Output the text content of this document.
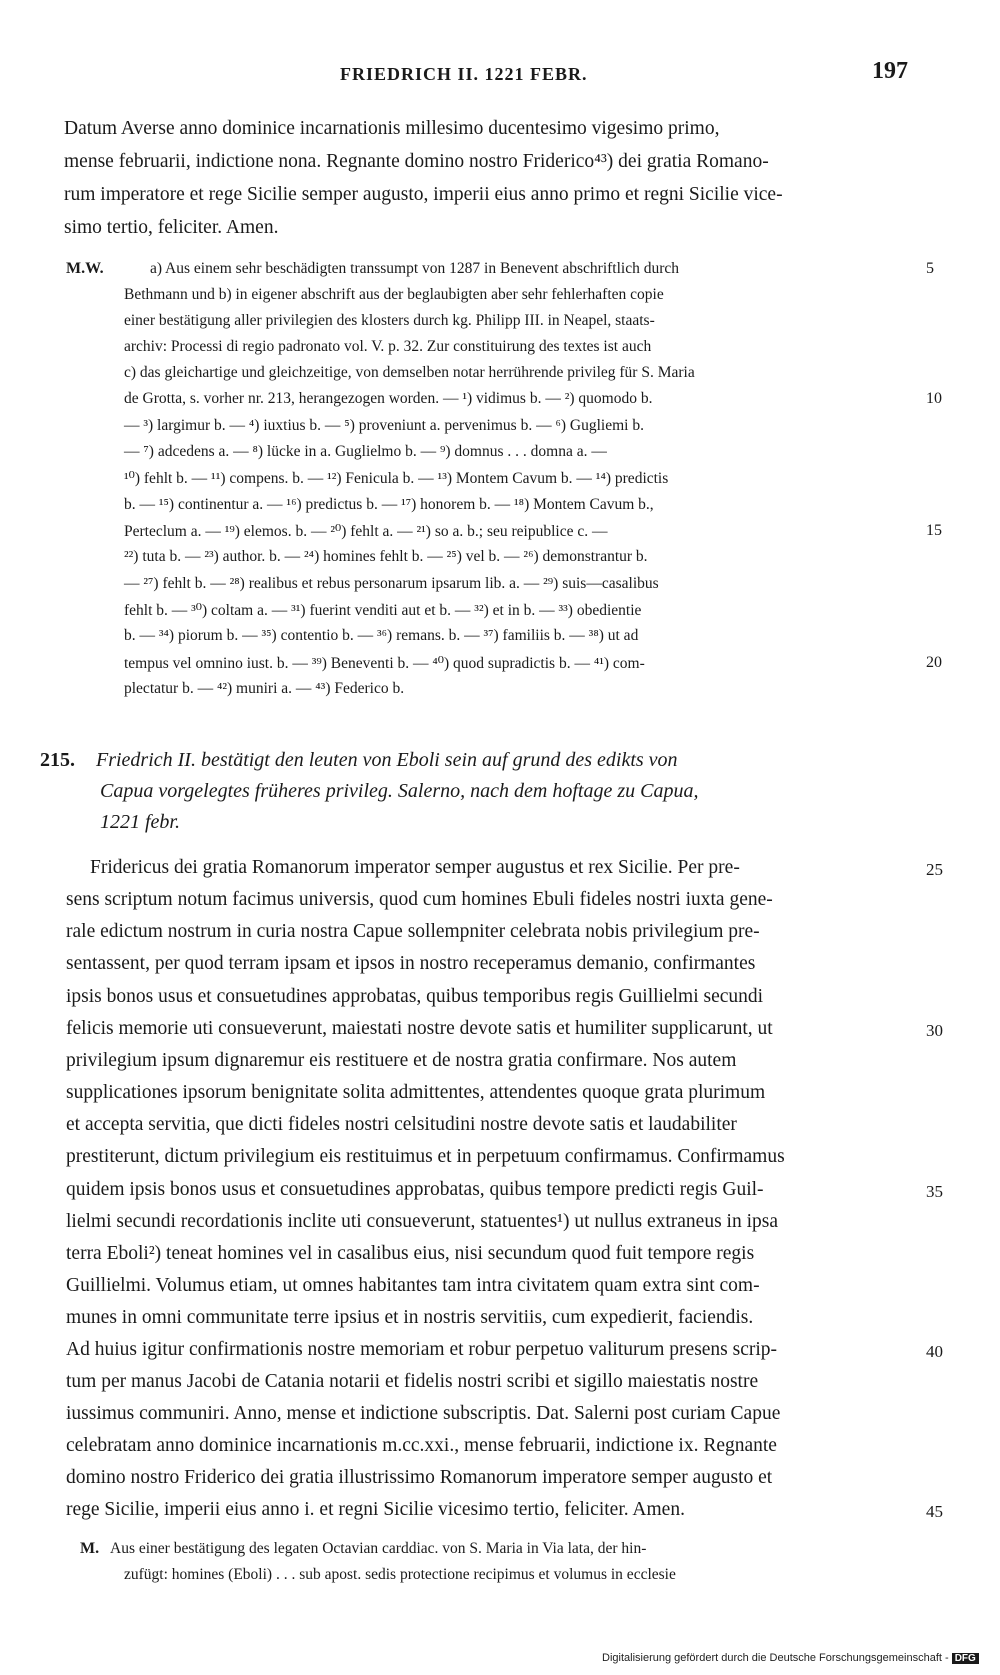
FRIEDRICH II. 1221 FEBR.	197
Datum Averse anno dominice incarnationis millesimo ducentesimo vigesimo primo,
mense februarii, indictione nona. Regnante domino nostro Friderico⁴³) dei gratia Romano-
rum imperatore et rege Sicilie semper augusto, imperii eius anno primo et regni Sicilie vice-
simo tertio, feliciter. Amen.
M.W.	a) Aus einem sehr beschädigten transsumpt von 1287 in Benevent abschriftlich durch
Bethmann und b) in eigener abschrift aus der beglaubigten aber sehr fehlerhaften copie
einer bestätigung aller privilegien des klosters durch kg. Philipp III. in Neapel, staats-
archiv: Processi di regio padronato vol. V. p. 32. Zur constituirung des textes ist auch
c) das gleichartige und gleichzeitige, von demselben notar herrührende privileg für S. Maria
de Grotta, s. vorher nr. 213, herangezogen worden. — ¹) vidimus b. — ²) quomodo b.
— ³) largimur b. — ⁴) iuxtius b. — ⁵) proveniunt a. pervenimus b. — ⁶) Gugliemi b.
— ⁷) adcedens a. — ⁸) lücke in a. Guglielmo b. — ⁹) domnus . . . domna a. —
¹⁰) fehlt b. — ¹¹) compens. b. — ¹²) Fenicula b. — ¹³) Montem Cavum b. — ¹⁴) predictis
b. — ¹⁵) continentur a. — ¹⁶) predictus b. — ¹⁷) honorem b. — ¹⁸) Montem Cavum b.,
Perteclum a. — ¹⁹) elemos. b. — ²⁰) fehlt a. — ²¹) so a. b.; seu reipublice c. —
²²) tuta b. — ²³) author. b. — ²⁴) homines fehlt b. — ²⁵) vel b. — ²⁶) demonstrantur b.
— ²⁷) fehlt b. — ²⁸) realibus et rebus personarum ipsarum lib. a. — ²⁹) suis—casalibus
fehlt b. — ³⁰) coltam a. — ³¹) fuerint venditi aut et b. — ³²) et in b. — ³³) obedientie
b. — ³⁴) piorum b. — ³⁵) contentio b. — ³⁶) remans. b. — ³⁷) familiis b. — ³⁸) ut ad
tempus vel omnino iust. b. — ³⁹) Beneventi b. — ⁴⁰) quod supradictis b. — ⁴¹) com-
plectatur b. — ⁴²) muniri a. — ⁴³) Federico b.
5
10
15
20
215. Friedrich II. bestätigt den leuten von Eboli sein auf grund des edikts von
Capua vorgelegtes früheres privileg. Salerno, nach dem hoftage zu Capua,
1221 febr.
Fridericus dei gratia Romanorum imperator semper augustus et rex Sicilie. Per pre-
sens scriptum notum facimus universis, quod cum homines Ebuli fideles nostri iuxta gene-
rale edictum nostrum in curia nostra Capue sollempniter celebrata nobis privilegium pre-
sentassent, per quod terram ipsam et ipsos in nostro receperamus demanio, confirmantes
ipsis bonos usus et consuetudines approbatas, quibus temporibus regis Guillielmi secundi
felicis memorie uti consueverunt, maiestati nostre devote satis et humiliter supplicarunt, ut
privilegium ipsum dignaremur eis restituere et de nostra gratia confirmare. Nos autem
supplicationes ipsorum benignitate solita admittentes, attendentes quoque grata plurimum
et accepta servitia, que dicti fideles nostri celsitudini nostre devote satis et laudabiliter
prestiterunt, dictum privilegium eis restituimus et in perpetuum confirmamus. Confirmamus
quidem ipsis bonos usus et consuetudines approbatas, quibus tempore predicti regis Guil-
lielmi secundi recordationis inclite uti consueverunt, statuentes¹) ut nullus extraneus in ipsa
terra Eboli²) teneat homines vel in casalibus eius, nisi secundum quod fuit tempore regis
Guillielmi. Volumus etiam, ut omnes habitantes tam intra civitatem quam extra sint com-
munes in omni communitate terre ipsius et in nostris servitiis, cum expedierit, faciendis.
Ad huius igitur confirmationis nostre memoriam et robur perpetuo valiturum presens scrip-
tum per manus Jacobi de Catania notarii et fidelis nostri scribi et sigillo maiestatis nostre
iussimus communiri. Anno, mense et indictione subscriptis. Dat. Salerni post curiam Capue
celebratam anno dominice incarnationis m.cc.xxi., mense februarii, indictione ix. Regnante
domino nostro Friderico dei gratia illustrissimo Romanorum imperatore semper augusto et
rege Sicilie, imperii eius anno i. et regni Sicilie vicesimo tertio, feliciter. Amen.
25
30
35
40
45
M. Aus einer bestätigung des legaten Octavian carddiac. von S. Maria in Via lata, der hin-
zufügt: homines (Eboli) . . . sub apost. sedis protectione recipimus et volumus in ecclesie
Digitalisierung gefördert durch die Deutsche Forschungsgemeinschaft - DFG
